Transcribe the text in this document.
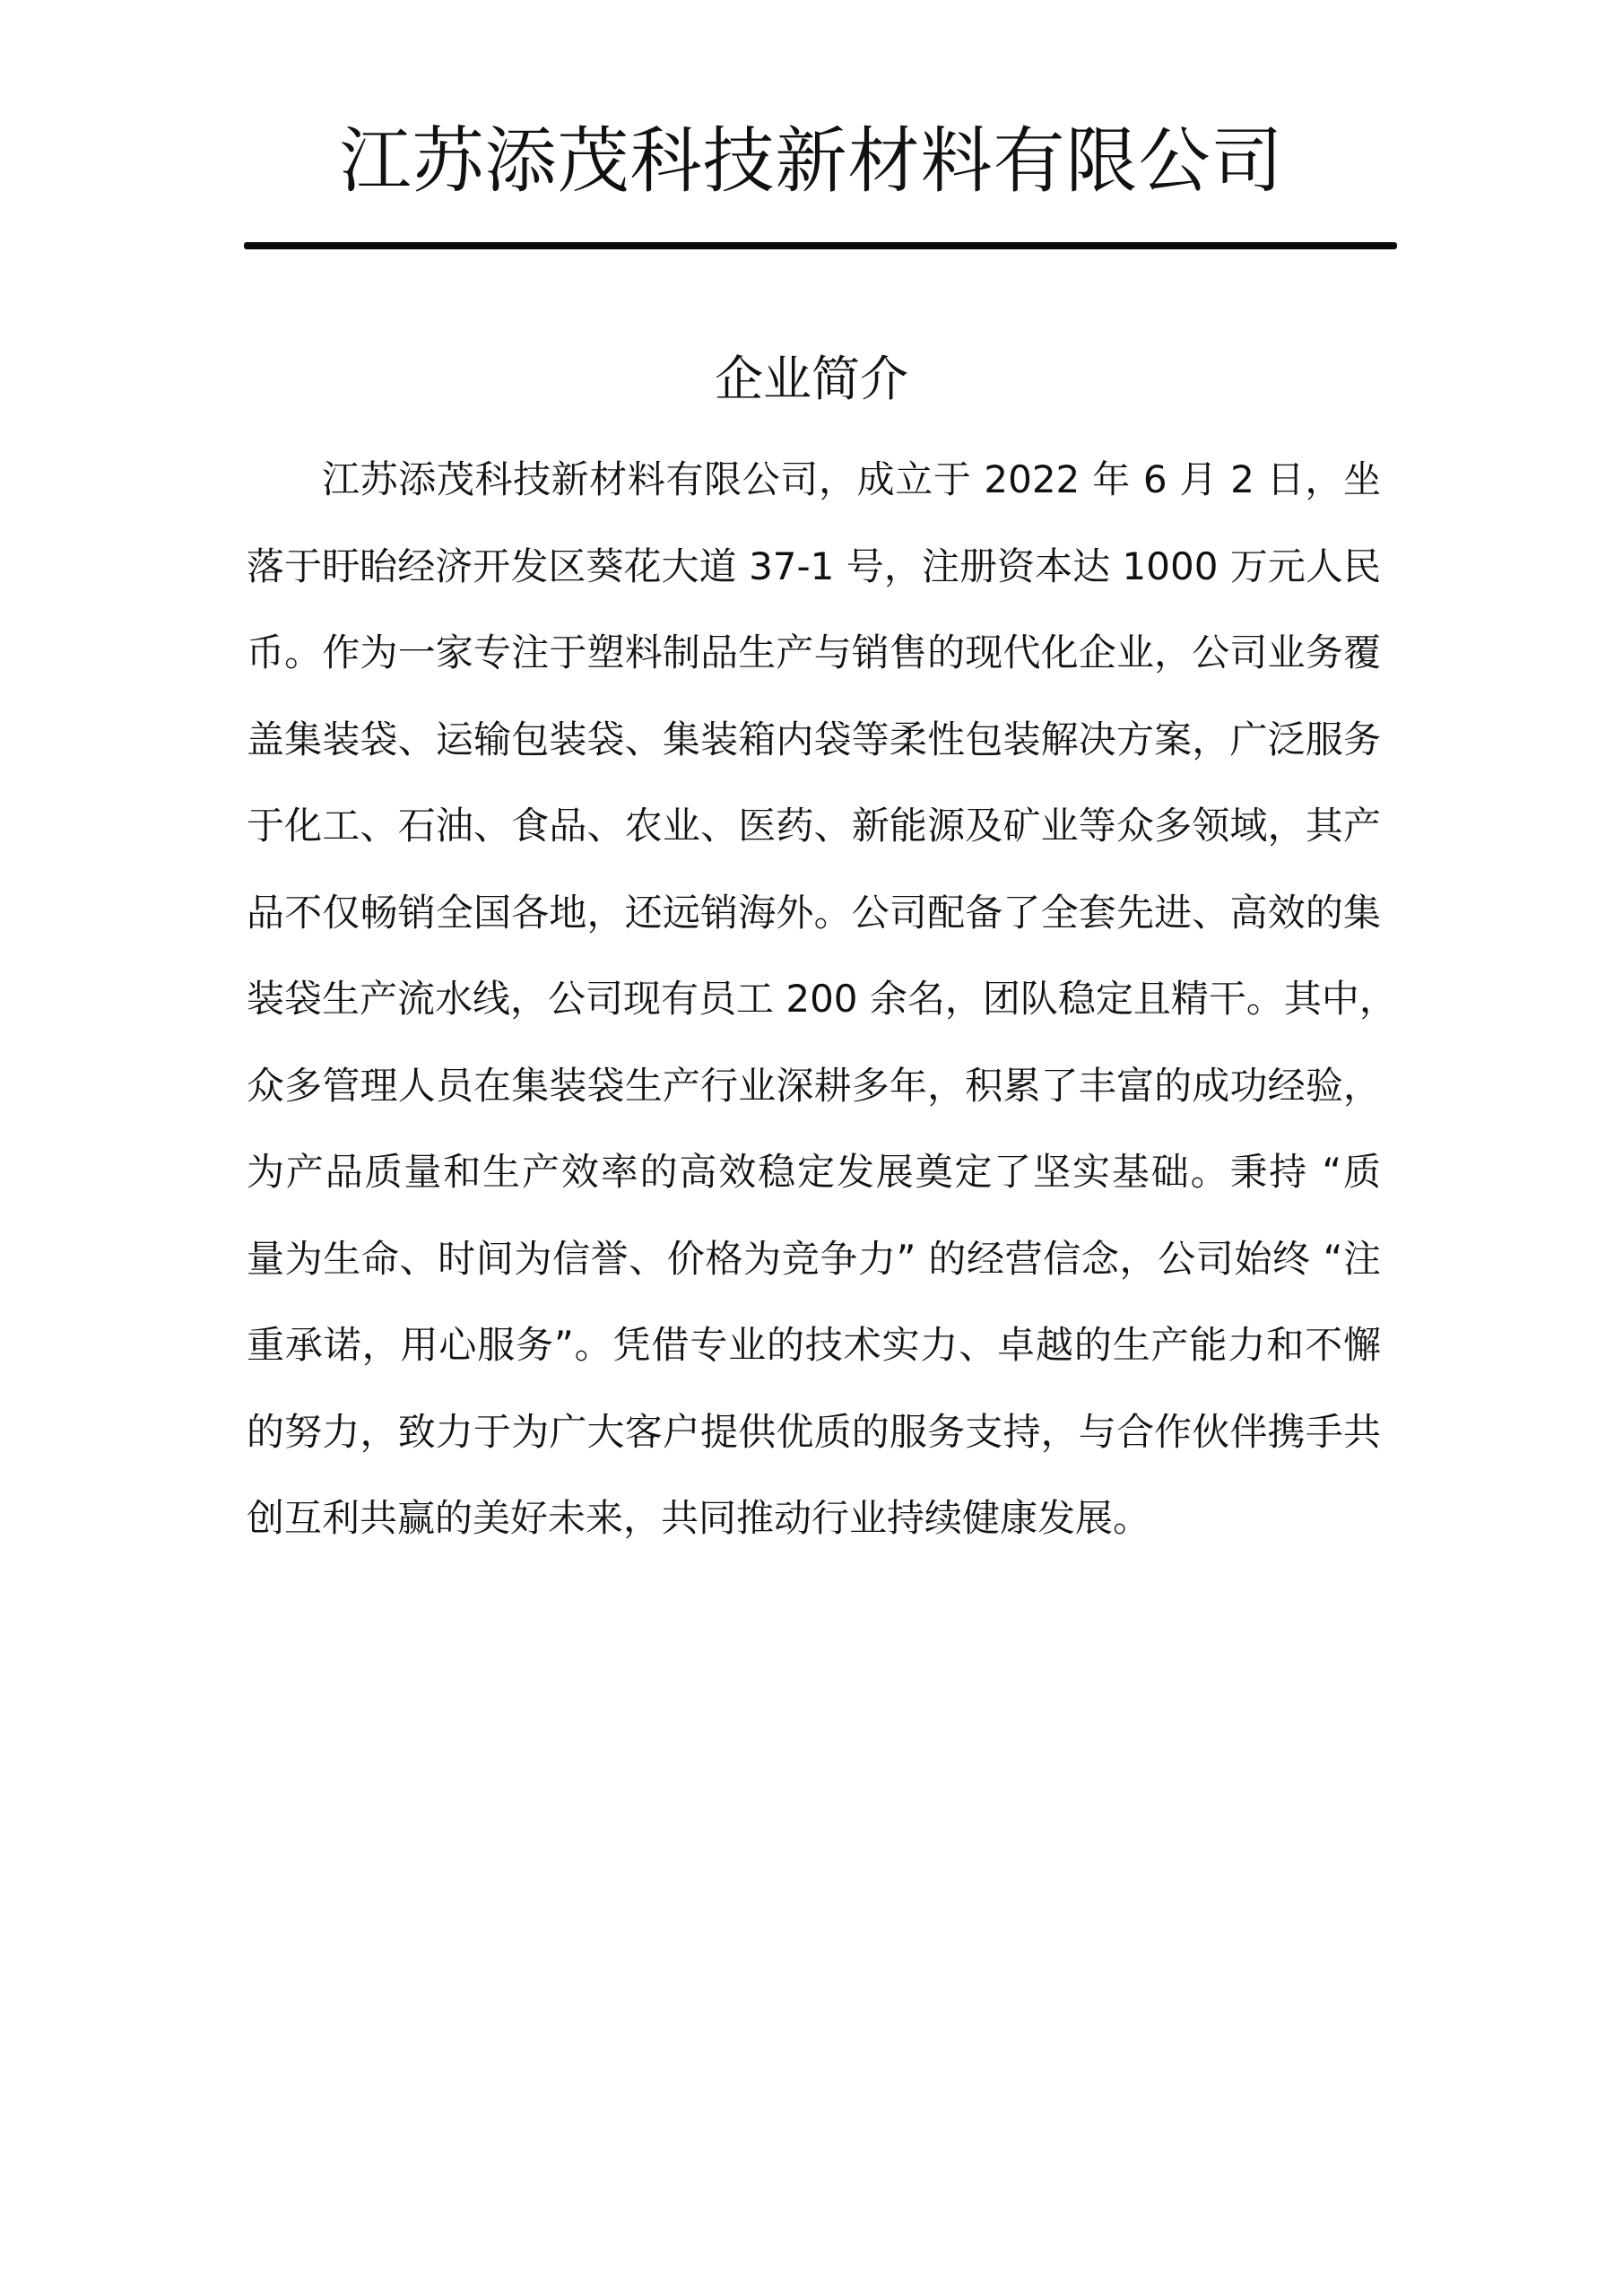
江苏添茂科技新材料有限公司
企业简介
江苏添茂科技新材料有限公司，成立于 2022 年 6 月 2 日，坐
落于盱眙经济开发区葵花大道 37-1 号，注册资本达 1000 万元人民
币。作为一家专注于塑料制品生产与销售的现代化企业，公司业务覆
盖集装袋、运输包装袋、集装箱内袋等柔性包装解决方案，广泛服务
于化工、石油、食品、农业、医药、新能源及矿业等众多领域，其产
品不仅畅销全国各地，还远销海外。公司配备了全套先进、高效的集
装袋生产流水线，公司现有员工 200 余名，团队稳定且精干。其中，
众多管理人员在集装袋生产行业深耕多年，积累了丰富的成功经验，
为产品质量和生产效率的高效稳定发展奠定了坚实基础。秉持 “质
量为生命、时间为信誉、价格为竞争力” 的经营信念，公司始终 “注
重承诺，用心服务”。凭借专业的技术实力、卓越的生产能力和不懈
的努力，致力于为广大客户提供优质的服务支持，与合作伙伴携手共
创互利共赢的美好未来，共同推动行业持续健康发展。
